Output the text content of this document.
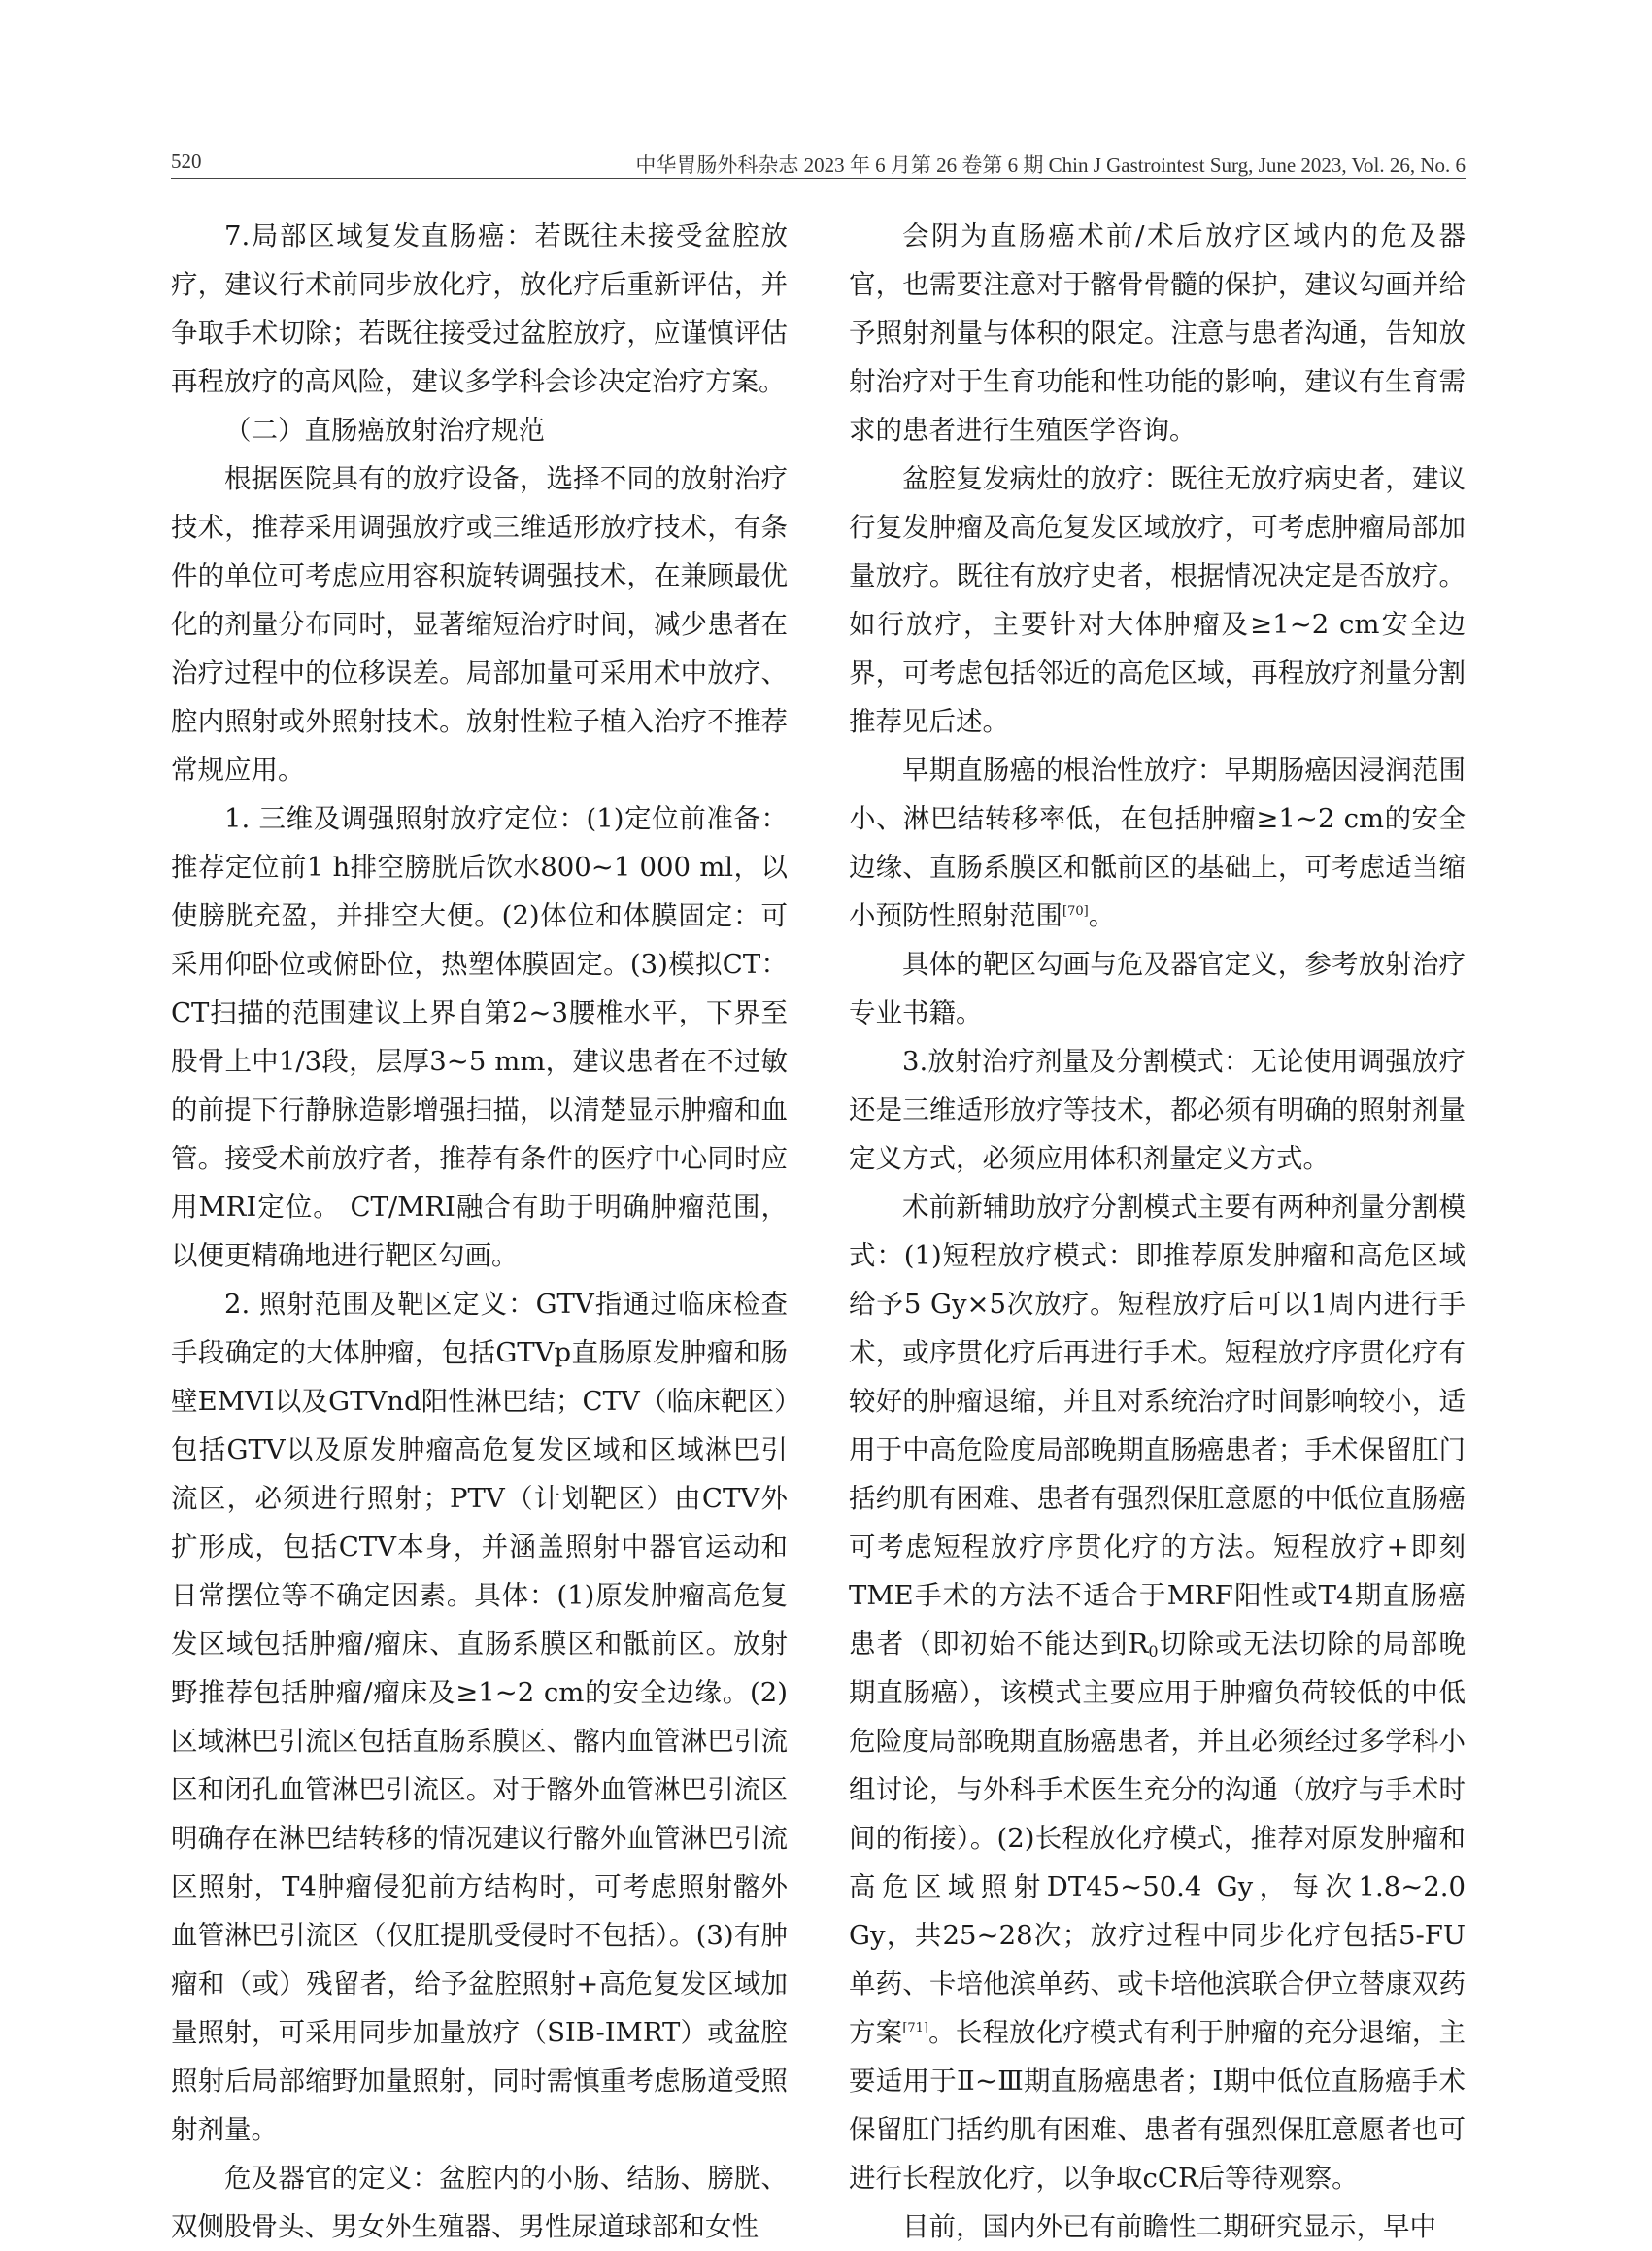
520	中华胃肠外科杂志 2023 年 6 月第 26 卷第 6 期 Chin J Gastrointest Surg, June 2023, Vol. 26, No. 6

7.局部区域复发直肠癌：若既往未接受盆腔放疗，建议行术前同步放化疗，放化疗后重新评估，并争取手术切除；若既往接受过盆腔放疗，应谨慎评估再程放疗的高风险，建议多学科会诊决定治疗方案。

（二）直肠癌放射治疗规范

根据医院具有的放疗设备，选择不同的放射治疗技术，推荐采用调强放疗或三维适形放疗技术，有条件的单位可考虑应用容积旋转调强技术，在兼顾最优化的剂量分布同时，显著缩短治疗时间，减少患者在治疗过程中的位移误差。局部加量可采用术中放疗、腔内照射或外照射技术。放射性粒子植入治疗不推荐常规应用。

1. 三维及调强照射放疗定位：(1)定位前准备：推荐定位前1 h排空膀胱后饮水800~1 000 ml，以使膀胱充盈，并排空大便。(2)体位和体膜固定：可采用仰卧位或俯卧位，热塑体膜固定。(3)模拟CT：CT扫描的范围建议上界自第2~3腰椎水平，下界至股骨上中1/3段，层厚3~5 mm，建议患者在不过敏的前提下行静脉造影增强扫描，以清楚显示肿瘤和血管。接受术前放疗者，推荐有条件的医疗中心同时应用MRI定位。 CT/MRI融合有助于明确肿瘤范围，以便更精确地进行靶区勾画。

2. 照射范围及靶区定义：GTV指通过临床检查手段确定的大体肿瘤，包括GTVp直肠原发肿瘤和肠壁EMVI以及GTVnd阳性淋巴结；CTV（临床靶区）包括GTV以及原发肿瘤高危复发区域和区域淋巴引流区，必须进行照射；PTV（计划靶区）由CTV外扩形成，包括CTV本身，并涵盖照射中器官运动和日常摆位等不确定因素。具体：(1)原发肿瘤高危复发区域包括肿瘤/瘤床、直肠系膜区和骶前区。放射野推荐包括肿瘤/瘤床及≥1~2 cm的安全边缘。(2)区域淋巴引流区包括直肠系膜区、髂内血管淋巴引流区和闭孔血管淋巴引流区。对于髂外血管淋巴引流区明确存在淋巴结转移的情况建议行髂外血管淋巴引流区照射，T4肿瘤侵犯前方结构时，可考虑照射髂外血管淋巴引流区（仅肛提肌受侵时不包括）。(3)有肿瘤和（或）残留者，给予盆腔照射+高危复发区域加量照射，可采用同步加量放疗（SIB-IMRT）或盆腔照射后局部缩野加量照射，同时需慎重考虑肠道受照射剂量。

危及器官的定义：盆腔内的小肠、结肠、膀胱、双侧股骨头、男女外生殖器、男性尿道球部和女性

会阴为直肠癌术前/术后放疗区域内的危及器官，也需要注意对于髂骨骨髓的保护，建议勾画并给予照射剂量与体积的限定。注意与患者沟通，告知放射治疗对于生育功能和性功能的影响，建议有生育需求的患者进行生殖医学咨询。

盆腔复发病灶的放疗：既往无放疗病史者，建议行复发肿瘤及高危复发区域放疗，可考虑肿瘤局部加量放疗。既往有放疗史者，根据情况决定是否放疗。如行放疗，主要针对大体肿瘤及≥1~2 cm安全边界，可考虑包括邻近的高危区域，再程放疗剂量分割推荐见后述。

早期直肠癌的根治性放疗：早期肠癌因浸润范围小、淋巴结转移率低，在包括肿瘤≥1~2 cm的安全边缘、直肠系膜区和骶前区的基础上，可考虑适当缩小预防性照射范围[70]。

具体的靶区勾画与危及器官定义，参考放射治疗专业书籍。

3.放射治疗剂量及分割模式：无论使用调强放疗还是三维适形放疗等技术，都必须有明确的照射剂量定义方式，必须应用体积剂量定义方式。

术前新辅助放疗分割模式主要有两种剂量分割模式：(1)短程放疗模式：即推荐原发肿瘤和高危区域给予5 Gy×5次放疗。短程放疗后可以1周内进行手术，或序贯化疗后再进行手术。短程放疗序贯化疗有较好的肿瘤退缩，并且对系统治疗时间影响较小，适用于中高危险度局部晚期直肠癌患者；手术保留肛门括约肌有困难、患者有强烈保肛意愿的中低位直肠癌可考虑短程放疗序贯化疗的方法。短程放疗+即刻TME手术的方法不适合于MRF阳性或T4期直肠癌患者（即初始不能达到$R_0$切除或无法切除的局部晚期直肠癌），该模式主要应用于肿瘤负荷较低的中低危险度局部晚期直肠癌患者，并且必须经过多学科小组讨论，与外科手术医生充分的沟通（放疗与手术时间的衔接）。(2)长程放化疗模式，推荐对原发肿瘤和高危区域照射DT45~50.4 Gy，每次1.8~2.0 Gy，共25~28次；放疗过程中同步化疗包括5-FU单药、卡培他滨单药、或卡培他滨联合伊立替康双药方案[71]。长程放化疗模式有利于肿瘤的充分退缩，主要适用于Ⅱ~Ⅲ期直肠癌患者；Ⅰ期中低位直肠癌手术保留肛门括约肌有困难、患者有强烈保肛意愿者也可进行长程放化疗，以争取cCR后等待观察。

目前，国内外已有前瞻性二期研究显示，早中
